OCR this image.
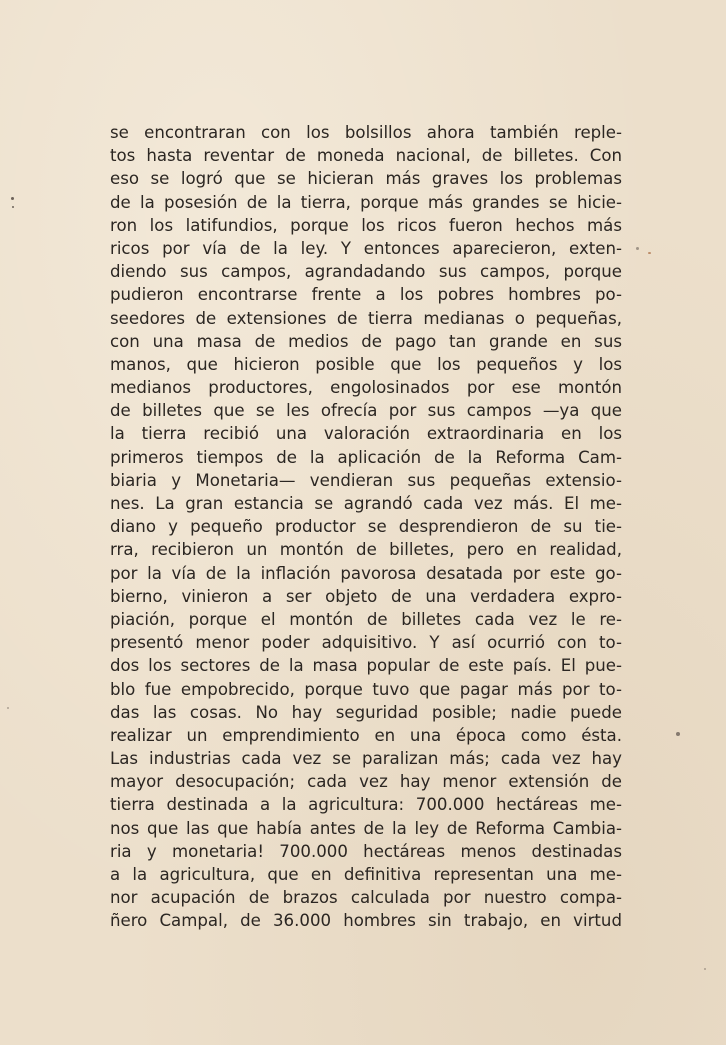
se encontraran con los bolsillos ahora también reple-
tos hasta reventar de moneda nacional, de billetes. Con
eso se logró que se hicieran más graves los problemas
de la posesión de la tierra, porque más grandes se hicie-
ron los latifundios, porque los ricos fueron hechos más
ricos por vía de la ley. Y entonces aparecieron, exten-
diendo sus campos, agrandadando sus campos, porque
pudieron encontrarse frente a los pobres hombres po-
seedores de extensiones de tierra medianas o pequeñas,
con una masa de medios de pago tan grande en sus
manos, que hicieron posible que los pequeños y los
medianos productores, engolosinados por ese montón
de billetes que se les ofrecía por sus campos —ya que
la tierra recibió una valoración extraordinaria en los
primeros tiempos de la aplicación de la Reforma Cam-
biaria y Monetaria— vendieran sus pequeñas extensio-
nes. La gran estancia se agrandó cada vez más. El me-
diano y pequeño productor se desprendieron de su tie-
rra, recibieron un montón de billetes, pero en realidad,
por la vía de la inflación pavorosa desatada por este go-
bierno, vinieron a ser objeto de una verdadera expro-
piación, porque el montón de billetes cada vez le re-
presentó menor poder adquisitivo. Y así ocurrió con to-
dos los sectores de la masa popular de este país. El pue-
blo fue empobrecido, porque tuvo que pagar más por to-
das las cosas. No hay seguridad posible; nadie puede
realizar un emprendimiento en una época como ésta.
Las industrias cada vez se paralizan más; cada vez hay
mayor desocupación; cada vez hay menor extensión de
tierra destinada a la agricultura: 700.000 hectáreas me-
nos que las que había antes de la ley de Reforma Cambia-
ria y monetaria! 700.000 hectáreas menos destinadas
a la agricultura, que en definitiva representan una me-
nor acupación de brazos calculada por nuestro compa-
ñero Campal, de 36.000 hombres sin trabajo, en virtud
